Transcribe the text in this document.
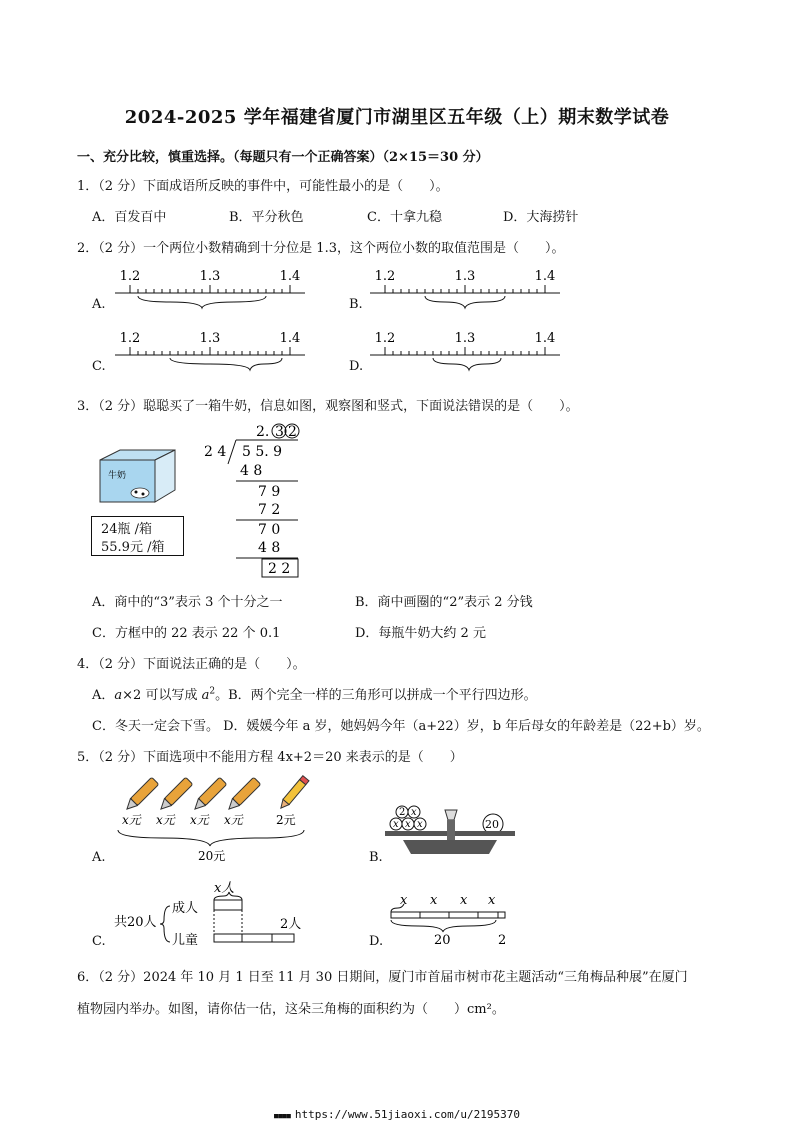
2024-2025 学年福建省厦门市湖里区五年级（上）期末数学试卷
一、充分比较，慎重选择。（每题只有一个正确答案）（2×15＝30 分）
1．（2 分）下面成语所反映的事件中，可能性最小的是（　　）。
A．百发百中	B．平分秋色	C．十拿九稳	D．大海捞针
2．（2 分）一个两位小数精确到十分位是 1.3，这个两位小数的取值范围是（　　）。
A.	B.
C.	D.
1.2	1.3	1.4	1.2	1.3	1.4
1.2	1.3	1.4	1.2	1.3	1.4
3．（2 分）聪聪买了一箱牛奶，信息如图，观察图和竖式，下面说法错误的是（　　）。
牛奶
24瓶 /箱
55.9元 /箱
2. 3 2
2 4 5 5. 9
4 8
7 9
7 2
7 0
4 8
2 2
A．商中的“3”表示 3 个十分之一	B．商中画圈的“2”表示 2 分钱
C．方框中的 22 表示 22 个 0.1	D．每瓶牛奶大约 2 元
4．（2 分）下面说法正确的是（　　）。
A．a×2 可以写成 $a^2$。B．两个完全一样的三角形可以拼成一个平行四边形。
C．冬天一定会下雪。 D．媛媛今年 a 岁，她妈妈今年（a+22）岁，b 年后母女的年龄差是（22+b）岁。
5．（2 分）下面选项中不能用方程 4x+2＝20 来表示的是（　　）
x元 x元 x元 x元	2元
20元
A.
2 x
x x x	20
B.
共20人
成人
儿童
x人
2人
C.
x x x x
20	2
D.
6．（2 分）2024 年 10 月 1 日至 11 月 30 日期间，厦门市首届市树市花主题活动“三角梅品种展”在厦门
植物园内举办。如图，请你估一估，这朵三角梅的面积约为（　　）cm²。
■■■■ https://www.51jiaoxi.com/u/2195370
